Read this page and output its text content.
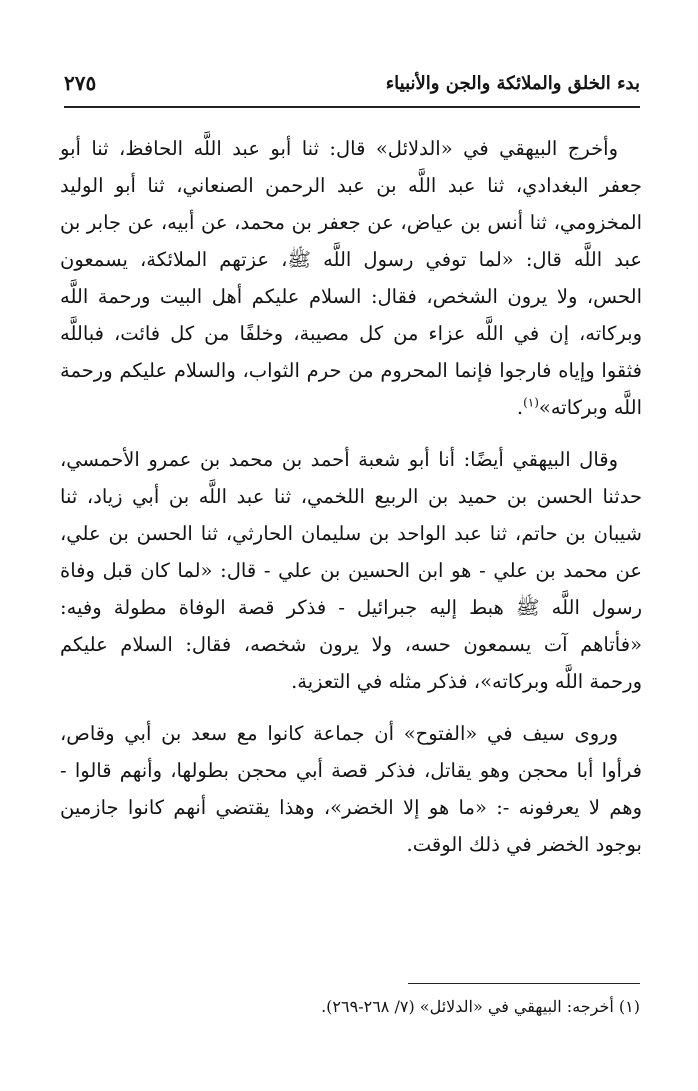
بدء الخلق والملائكة والجن والأنبياء
٢٧٥

وأخرج البيهقي في «الدلائل» قال: ثنا أبو عبد اللَّه الحافظ، ثنا أبو جعفر البغدادي، ثنا عبد اللَّه بن عبد الرحمن الصنعاني، ثنا أبو الوليد المخزومي، ثنا أنس بن عياض، عن جعفر بن محمد، عن أبيه، عن جابر بن عبد اللَّه قال: «لما توفي رسول اللَّه ﷺ، عزتهم الملائكة، يسمعون الحس، ولا يرون الشخص، فقال: السلام عليكم أهل البيت ورحمة اللَّه وبركاته، إن في اللَّه عزاء من كل مصيبة، وخلفًا من كل فائت، فباللَّه فثقوا وإياه فارجوا فإنما المحروم من حرم الثواب، والسلام عليكم ورحمة اللَّه وبركاته»$^{(١)}$.

وقال البيهقي أيضًا: أنا أبو شعبة أحمد بن محمد بن عمرو الأحمسي، حدثنا الحسن بن حميد بن الربيع اللخمي، ثنا عبد اللَّه بن أبي زياد، ثنا شيبان بن حاتم، ثنا عبد الواحد بن سليمان الحارثي، ثنا الحسن بن علي، عن محمد بن علي - هو ابن الحسين بن علي - قال: «لما كان قبل وفاة رسول اللَّه ﷺ هبط إليه جبرائيل - فذكر قصة الوفاة مطولة وفيه: «فأتاهم آت يسمعون حسه، ولا يرون شخصه، فقال: السلام عليكم ورحمة اللَّه وبركاته»، فذكر مثله في التعزية.

وروى سيف في «الفتوح» أن جماعة كانوا مع سعد بن أبي وقاص، فرأوا أبا محجن وهو يقاتل، فذكر قصة أبي محجن بطولها، وأنهم قالوا - وهم لا يعرفونه -: «ما هو إلا الخضر»، وهذا يقتضي أنهم كانوا جازمين بوجود الخضر في ذلك الوقت.

(١) أخرجه: البيهقي في «الدلائل» (٧/ ٢٦٨-٢٦٩).
